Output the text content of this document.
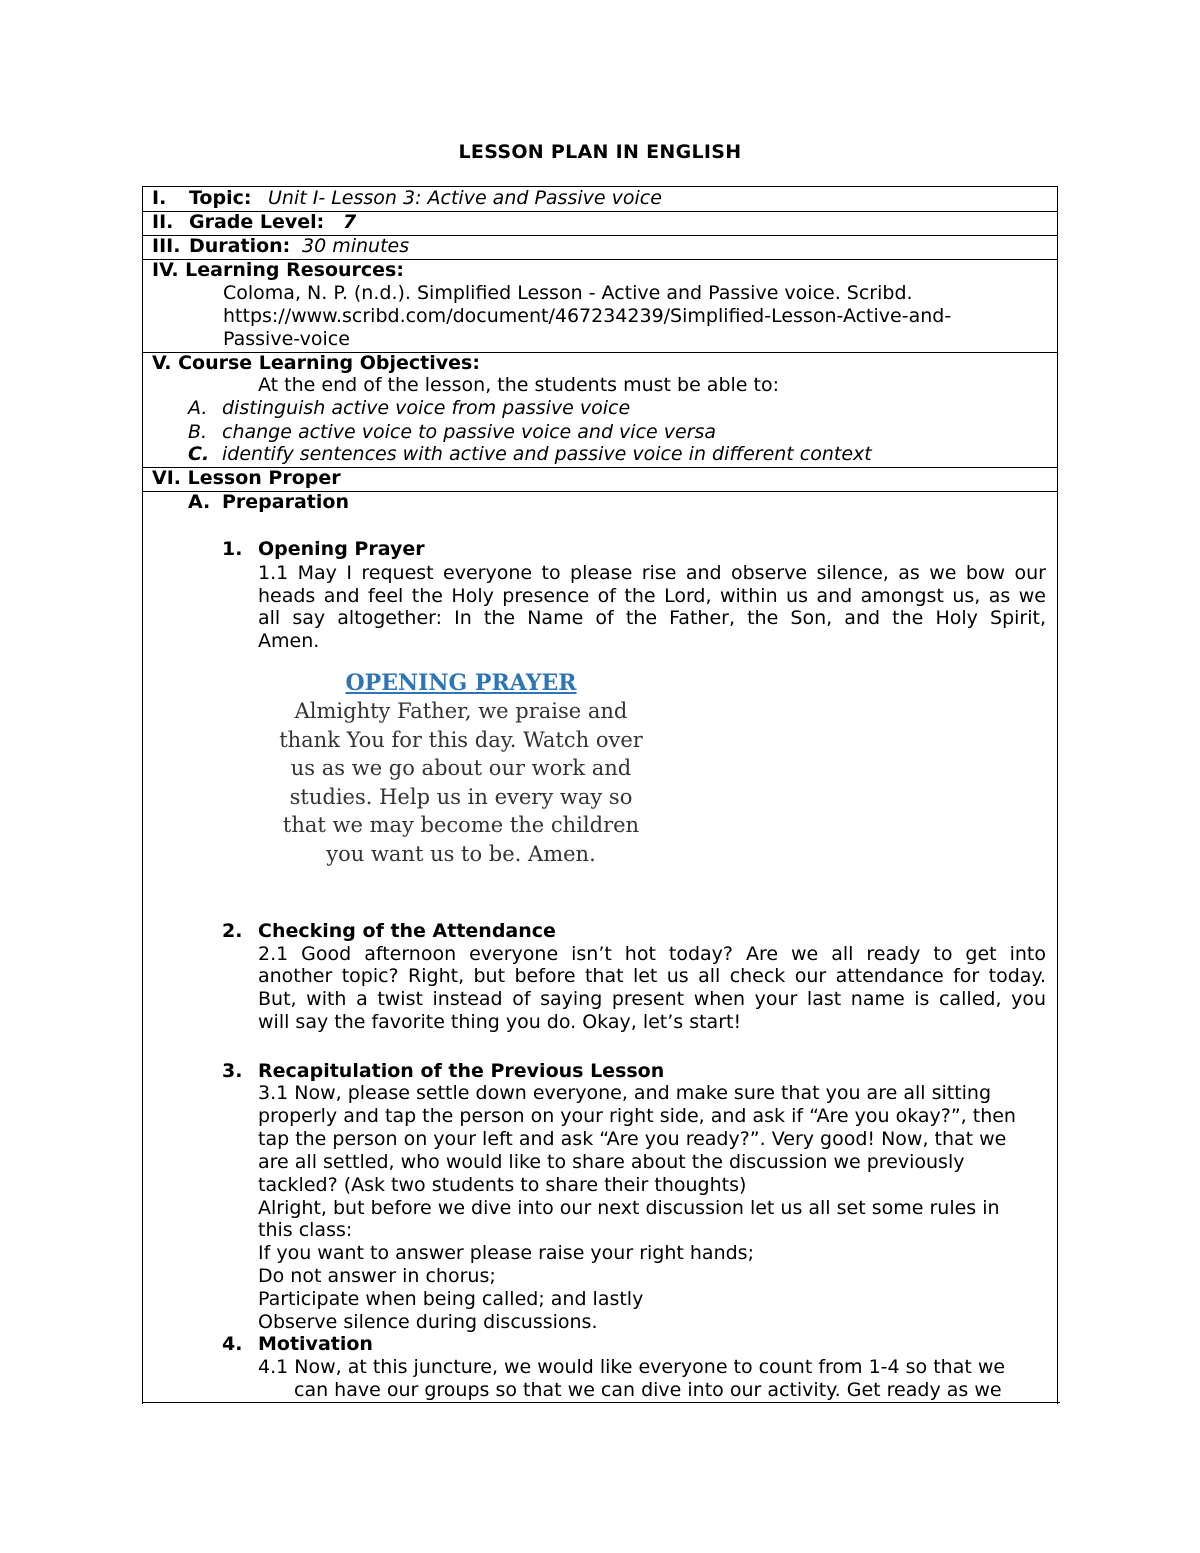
LESSON PLAN IN ENGLISH
I. Topic: Unit I- Lesson 3: Active and Passive voice
II. Grade Level: 7
III. Duration: 30 minutes
IV. Learning Resources:
Coloma, N. P. (n.d.). Simplified Lesson - Active and Passive voice. Scribd.
https://www.scribd.com/document/467234239/Simplified-Lesson-Active-and-
Passive-voice
V. Course Learning Objectives:
At the end of the lesson, the students must be able to:
A. distinguish active voice from passive voice
B. change active voice to passive voice and vice versa
C. identify sentences with active and passive voice in different context
VI. Lesson Proper
A. Preparation
1. Opening Prayer
1.1 May I request everyone to please rise and observe silence, as we bow our
heads and feel the Holy presence of the Lord, within us and amongst us, as we
all say altogether: In the Name of the Father, the Son, and the Holy Spirit,
Amen.
OPENING PRAYER
Almighty Father, we praise and
thank You for this day. Watch over
us as we go about our work and
studies. Help us in every way so
that we may become the children
you want us to be. Amen.
2. Checking of the Attendance
2.1 Good afternoon everyone isn’t hot today? Are we all ready to get into
another topic? Right, but before that let us all check our attendance for today.
But, with a twist instead of saying present when your last name is called, you
will say the favorite thing you do. Okay, let’s start!
3. Recapitulation of the Previous Lesson
3.1 Now, please settle down everyone, and make sure that you are all sitting
properly and tap the person on your right side, and ask if “Are you okay?”, then
tap the person on your left and ask “Are you ready?”. Very good! Now, that we
are all settled, who would like to share about the discussion we previously
tackled? (Ask two students to share their thoughts)
Alright, but before we dive into our next discussion let us all set some rules in
this class:
If you want to answer please raise your right hands;
Do not answer in chorus;
Participate when being called; and lastly
Observe silence during discussions.
4. Motivation
4.1 Now, at this juncture, we would like everyone to count from 1-4 so that we
can have our groups so that we can dive into our activity. Get ready as we
